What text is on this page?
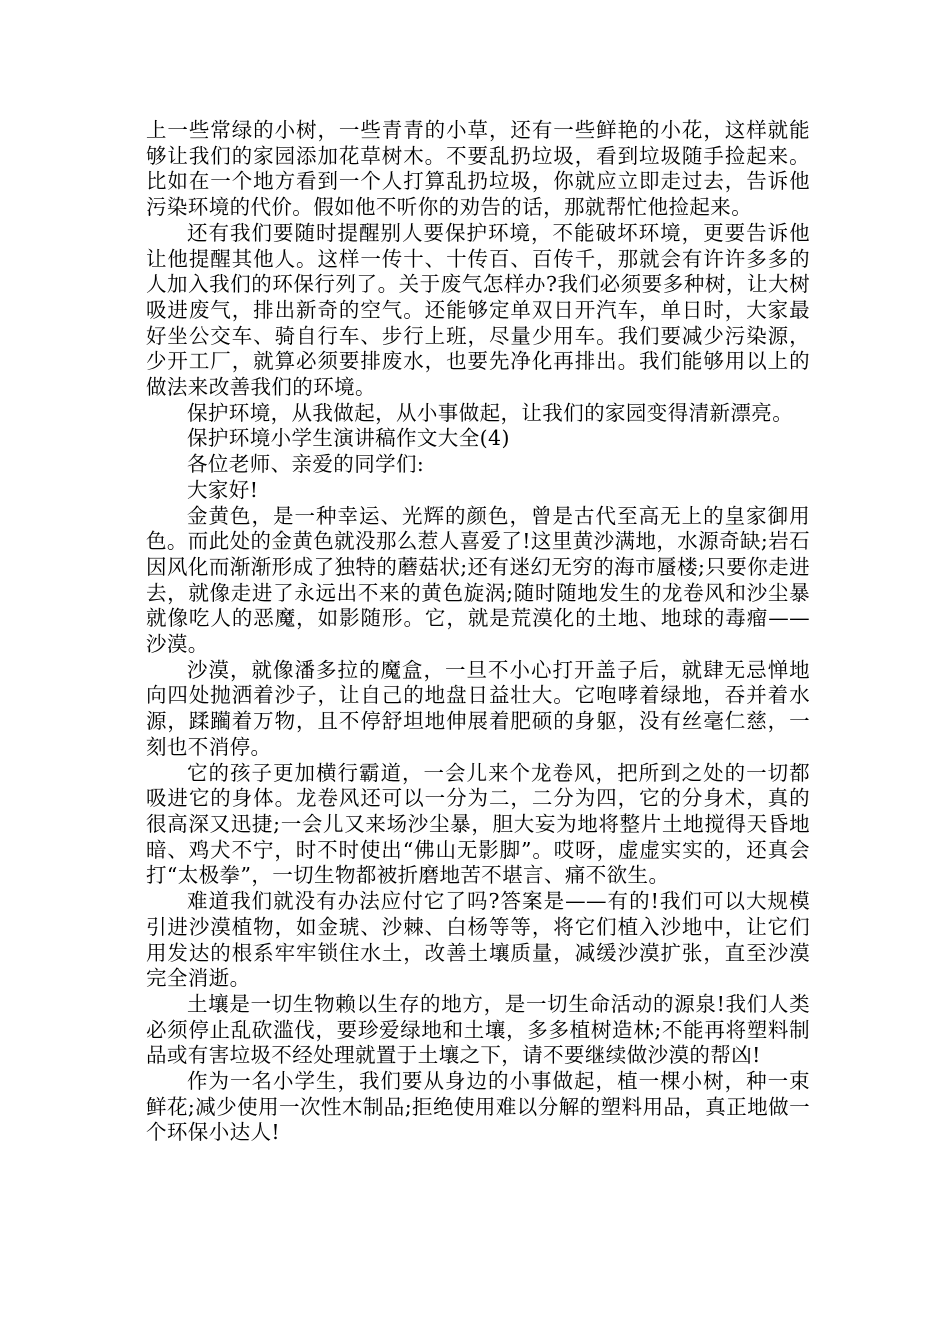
上一些常绿的小树，一些青青的小草，还有一些鲜艳的小花，这样就能够让我们的家园添加花草树木。不要乱扔垃圾，看到垃圾随手捡起来。比如在一个地方看到一个人打算乱扔垃圾，你就应立即走过去，告诉他污染环境的代价。假如他不听你的劝告的话，那就帮忙他捡起来。

还有我们要随时提醒别人要保护环境，不能破坏环境，更要告诉他让他提醒其他人。这样一传十、十传百、百传千，那就会有许许多多的人加入我们的环保行列了。关于废气怎样办?我们必须要多种树，让大树吸进废气，排出新奇的空气。还能够定单双日开汽车，单日时，大家最好坐公交车、骑自行车、步行上班，尽量少用车。我们要减少污染源，少开工厂，就算必须要排废水，也要先净化再排出。我们能够用以上的做法来改善我们的环境。

保护环境，从我做起，从小事做起，让我们的家园变得清新漂亮。

保护环境小学生演讲稿作文大全(4)

各位老师、亲爱的同学们:

大家好!

金黄色，是一种幸运、光辉的颜色，曾是古代至高无上的皇家御用色。而此处的金黄色就没那么惹人喜爱了!这里黄沙满地，水源奇缺;岩石因风化而渐渐形成了独特的蘑菇状;还有迷幻无穷的海市蜃楼;只要你走进去，就像走进了永远出不来的黄色旋涡;随时随地发生的龙卷风和沙尘暴就像吃人的恶魔，如影随形。它，就是荒漠化的土地、地球的毒瘤——沙漠。

沙漠，就像潘多拉的魔盒，一旦不小心打开盖子后，就肆无忌惮地向四处抛洒着沙子，让自己的地盘日益壮大。它咆哮着绿地，吞并着水源，蹂躏着万物，且不停舒坦地伸展着肥硕的身躯，没有丝毫仁慈，一刻也不消停。

它的孩子更加横行霸道，一会儿来个龙卷风，把所到之处的一切都吸进它的身体。龙卷风还可以一分为二，二分为四，它的分身术，真的很高深又迅捷;一会儿又来场沙尘暴，胆大妄为地将整片土地搅得天昏地暗、鸡犬不宁，时不时使出“佛山无影脚”。哎呀，虚虚实实的，还真会打“太极拳”，一切生物都被折磨地苦不堪言、痛不欲生。

难道我们就没有办法应付它了吗?答案是——有的!我们可以大规模引进沙漠植物，如金琥、沙棘、白杨等等，将它们植入沙地中，让它们用发达的根系牢牢锁住水土，改善土壤质量，减缓沙漠扩张，直至沙漠完全消逝。

土壤是一切生物赖以生存的地方，是一切生命活动的源泉!我们人类必须停止乱砍滥伐，要珍爱绿地和土壤，多多植树造林;不能再将塑料制品或有害垃圾不经处理就置于土壤之下，请不要继续做沙漠的帮凶!

作为一名小学生，我们要从身边的小事做起，植一棵小树，种一束鲜花;减少使用一次性木制品;拒绝使用难以分解的塑料用品，真正地做一个环保小达人!
